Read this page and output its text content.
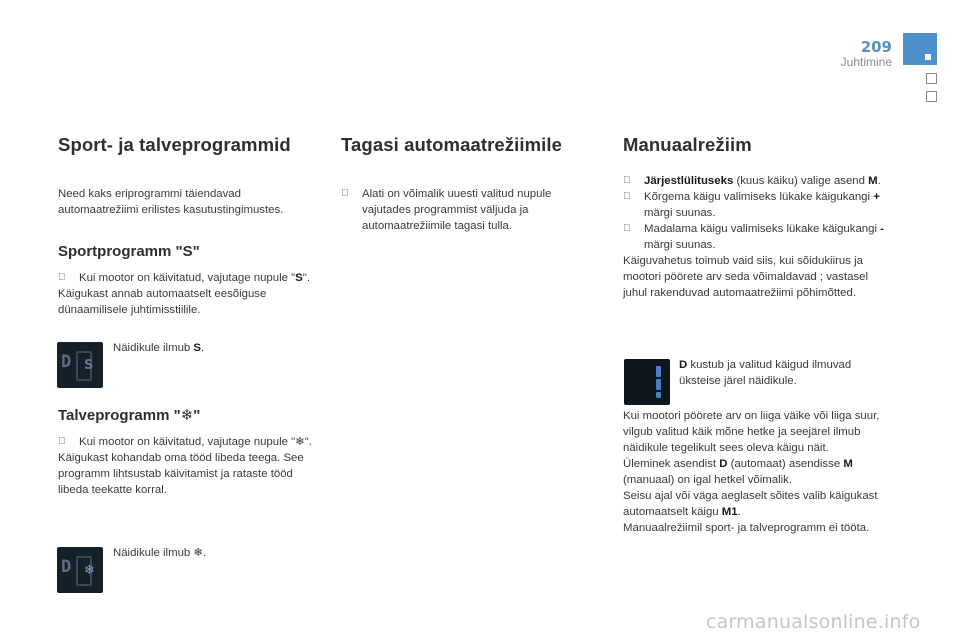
209
Juhtimine
Sport- ja talveprogrammid

Need kaks eriprogrammi täiendavad automaatrežiimi erilistes kasutustingimustes.

Sportprogramm "S"
Kui mootor on käivitatud, vajutage nupule "S".

Käigukast annab automaatselt eesõiguse dünaamilisele juhtimisstiilile.

Talveprogramm "❄"
Kui mootor on käivitatud, vajutage nupule "❄".

Käigukast kohandab oma tööd libeda teega. See programm lihtsustab käivitamist ja rataste tööd libeda teekatte korral.

D S
Näidikule ilmub S.
D ❄
Näidikule ilmub ❄.
Tagasi automaatrežiimile
Alati on võimalik uuesti valitud nupule vajutades programmist väljuda ja automaatrežiimile tagasi tulla.
Manuaalrežiim
Järjestlülituseks (kuus käiku) valige asend M.
Kõrgema käigu valimiseks lükake käigukangi + märgi suunas.
Madalama käigu valimiseks lükake käigukangi - märgi suunas.

Käiguvahetus toimub vaid siis, kui sõidukiirus ja mootori pöörete arv seda võimaldavad ; vastasel juhul rakenduvad automaatrežiimi põhimõtted.

D kustub ja valitud käigud ilmuvad üksteise järel näidikule.

Kui mootori pöörete arv on liiga väike või liiga suur, vilgub valitud käik mõne hetke ja seejärel ilmub näidikule tegelikult sees oleva käigu näit.

Üleminek asendist D (automaat) asendisse M (manuaal) on igal hetkel võimalik.

Seisu ajal või väga aeglaselt sõites valib käigukast automaatselt käigu M1.

Manuaalrežiimil sport- ja talveprogramm ei tööta.

carmanualsonline.info
